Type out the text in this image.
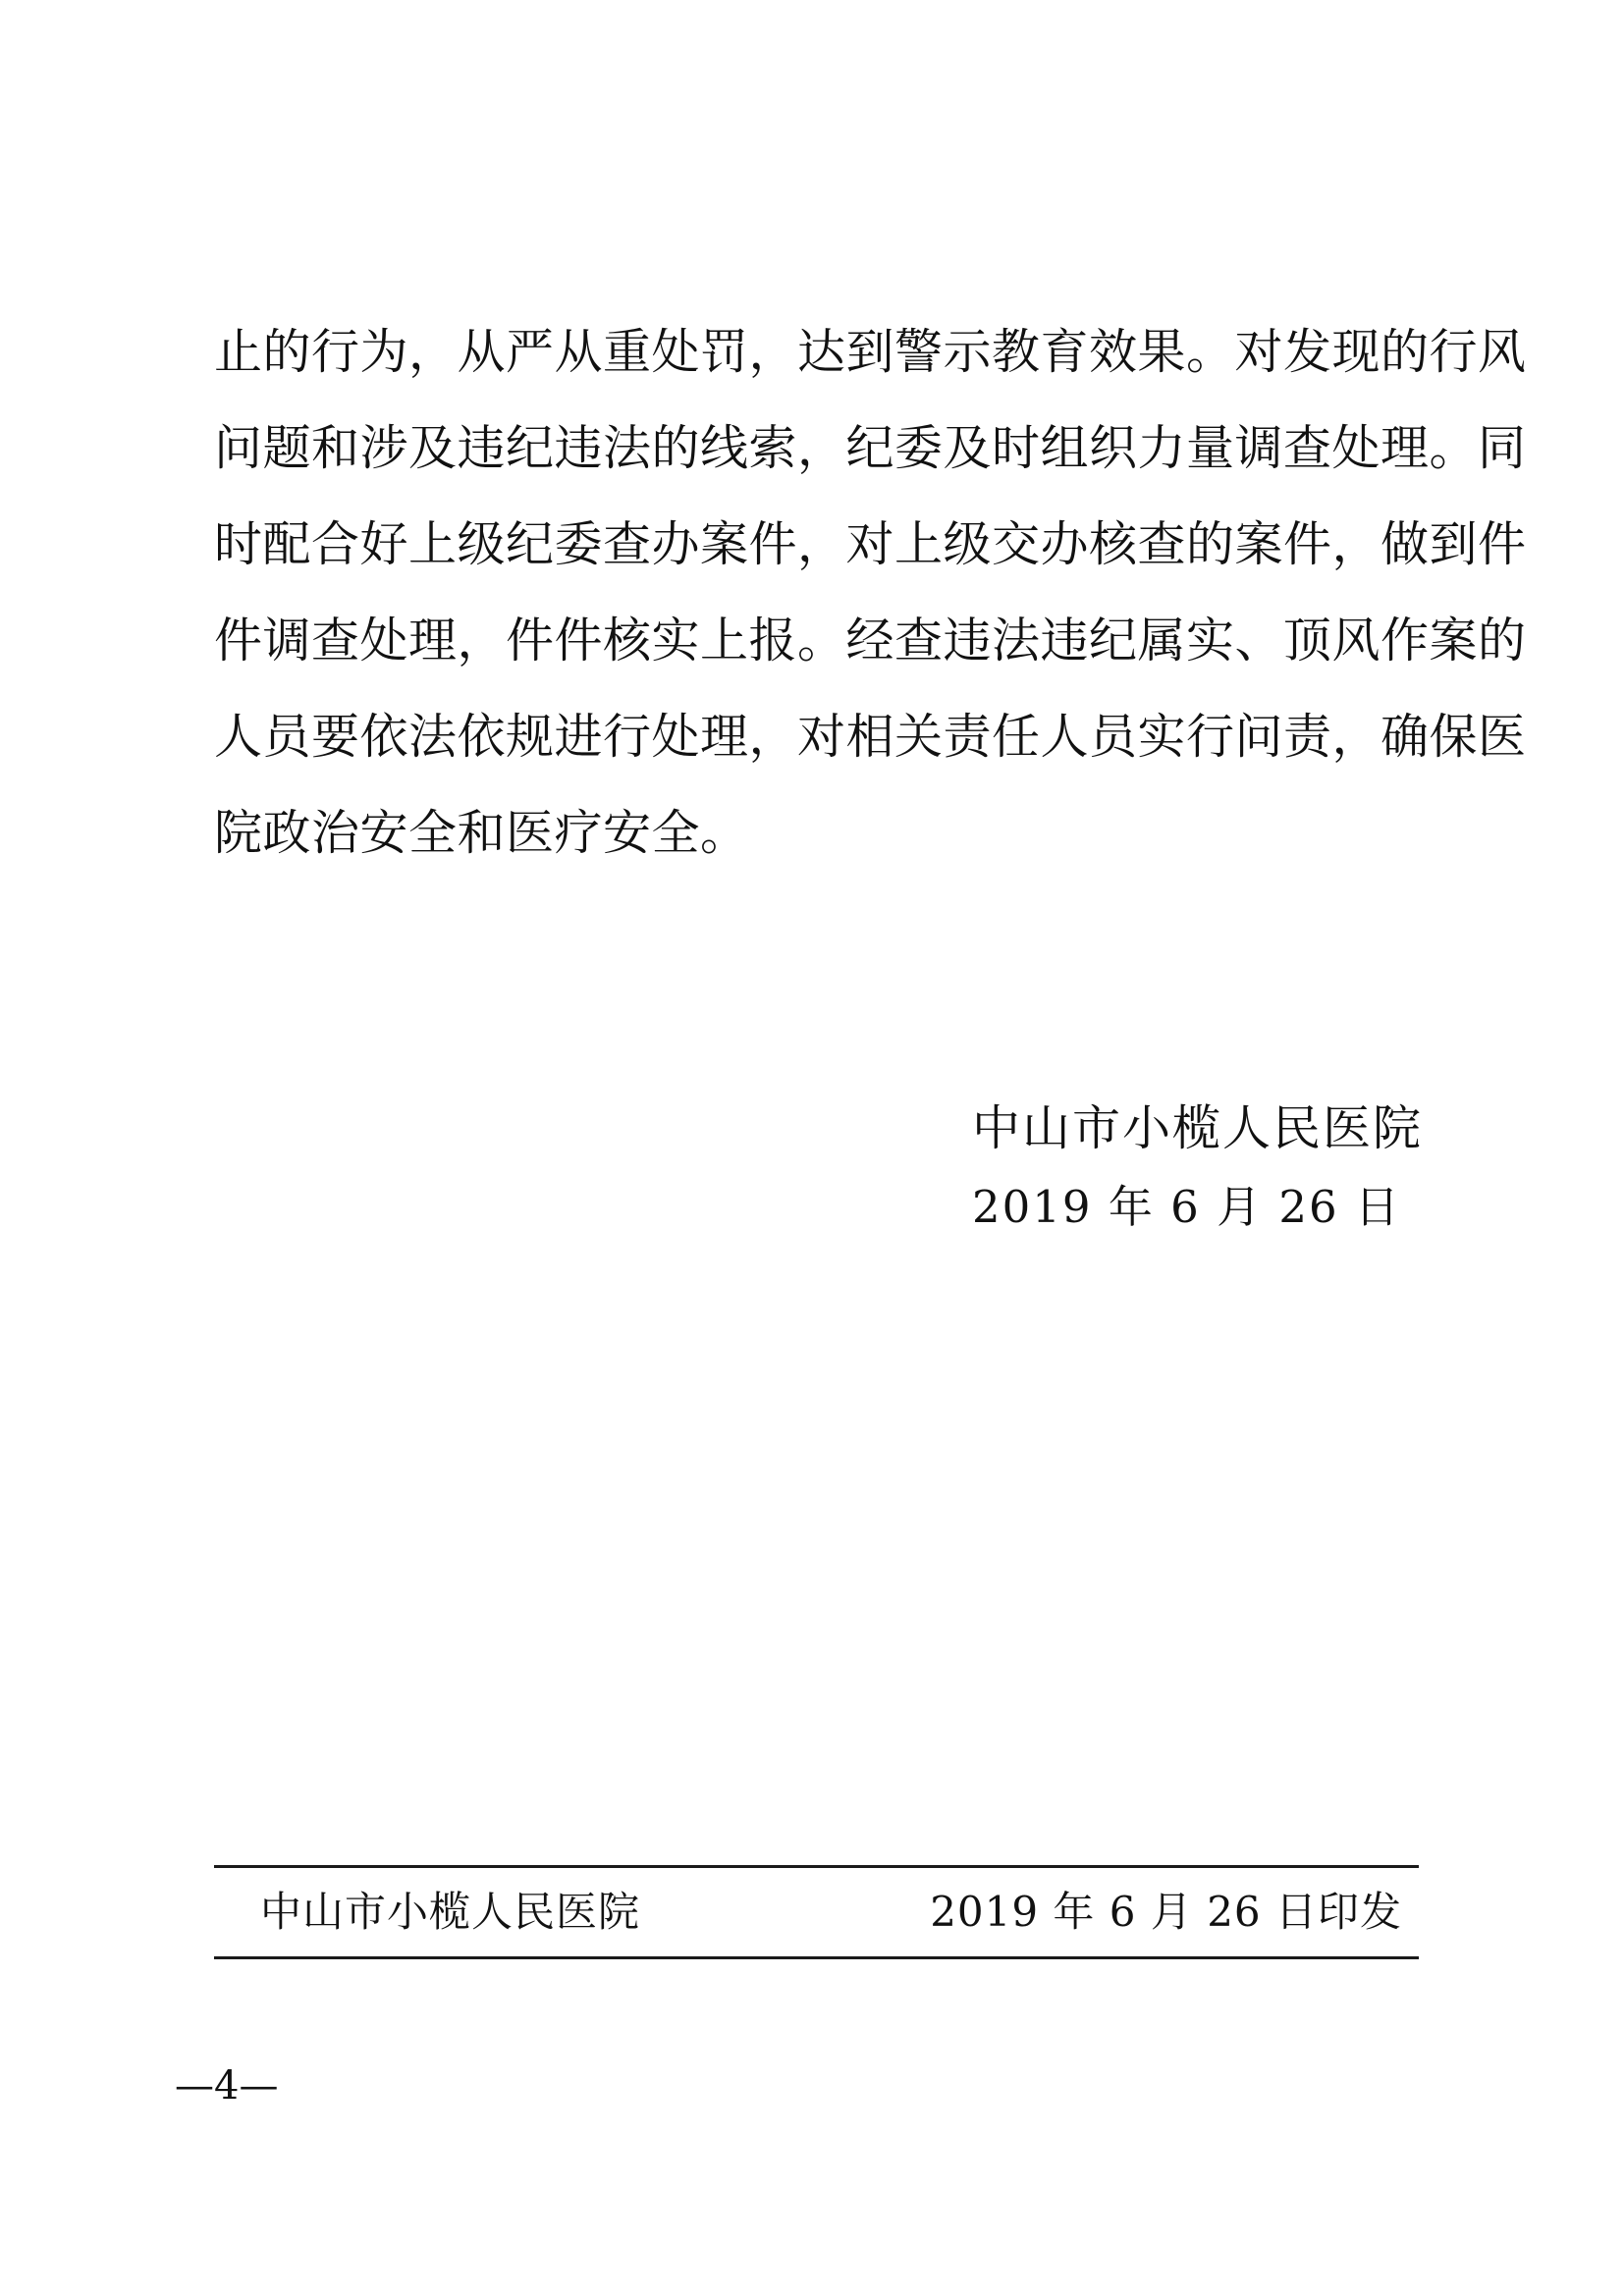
止的行为，从严从重处罚，达到警示教育效果。对发现的行风
问题和涉及违纪违法的线索，纪委及时组织力量调查处理。同
时配合好上级纪委查办案件，对上级交办核查的案件，做到件
件调查处理，件件核实上报。经查违法违纪属实、顶风作案的
人员要依法依规进行处理，对相关责任人员实行问责，确保医
院政治安全和医疗安全。
中山市小榄人民医院
2019 年 6 月 26 日
中山市小榄人民医院	2019 年 6 月 26 日印发
—4—
